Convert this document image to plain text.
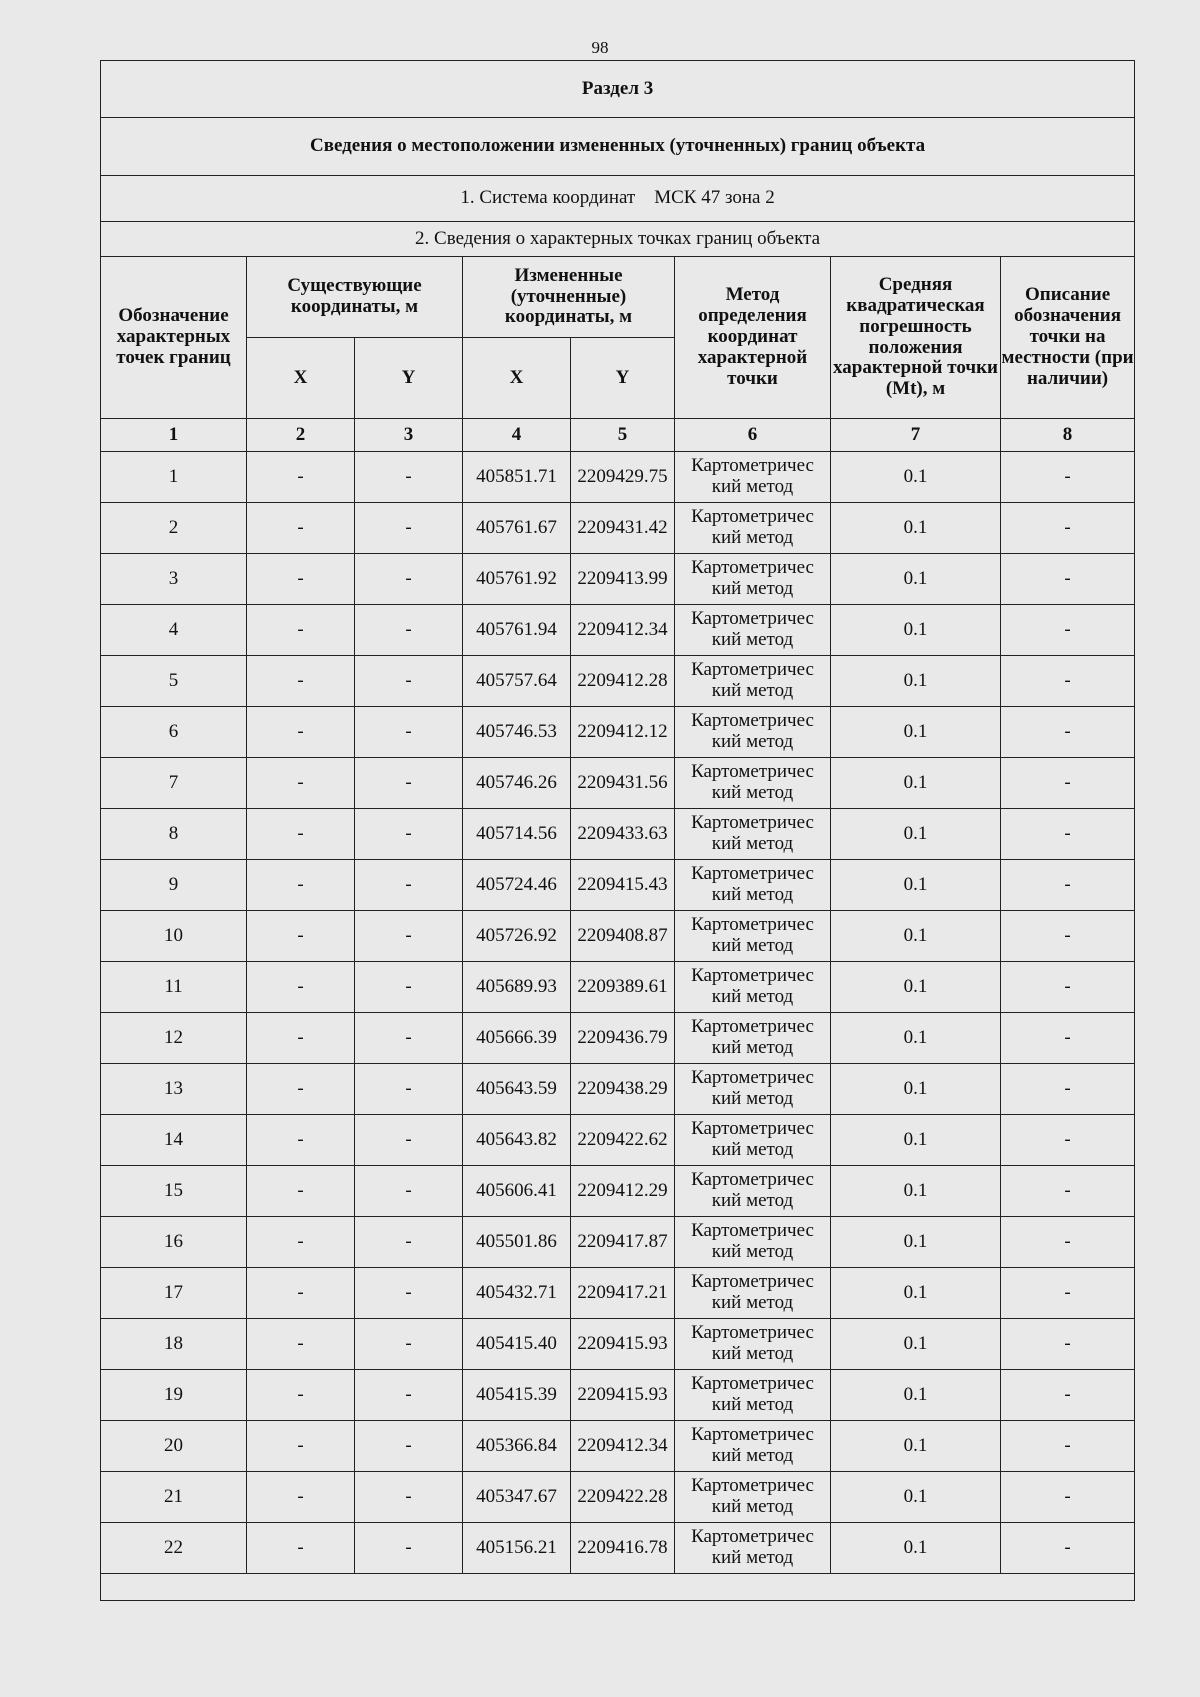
98
Раздел 3							
Сведения о местоположении измененных (уточненных) границ объекта							
1. Система координат МСК 47 зона 2							
2. Сведения о характерных точках границ объекта							
Обозначение характерных точек границ	Существующие координаты, м		Измененные (уточненные) координаты, м		Метод определения координат характерной точки	Средняя квадратическая погрешность положения характерной точки (Mt), м	Описание обозначения точки на местности (при наличии)
	X	Y	X	Y			
1	2	3	4	5	6	7	8
1	-	-	405851.71	2209429.75	Картометричес кий метод	0.1	-
2	-	-	405761.67	2209431.42	Картометричес кий метод	0.1	-
3	-	-	405761.92	2209413.99	Картометричес кий метод	0.1	-
4	-	-	405761.94	2209412.34	Картометричес кий метод	0.1	-
5	-	-	405757.64	2209412.28	Картометричес кий метод	0.1	-
6	-	-	405746.53	2209412.12	Картометричес кий метод	0.1	-
7	-	-	405746.26	2209431.56	Картометричес кий метод	0.1	-
8	-	-	405714.56	2209433.63	Картометричес кий метод	0.1	-
9	-	-	405724.46	2209415.43	Картометричес кий метод	0.1	-
10	-	-	405726.92	2209408.87	Картометричес кий метод	0.1	-
11	-	-	405689.93	2209389.61	Картометричес кий метод	0.1	-
12	-	-	405666.39	2209436.79	Картометричес кий метод	0.1	-
13	-	-	405643.59	2209438.29	Картометричес кий метод	0.1	-
14	-	-	405643.82	2209422.62	Картометричес кий метод	0.1	-
15	-	-	405606.41	2209412.29	Картометричес кий метод	0.1	-
16	-	-	405501.86	2209417.87	Картометричес кий метод	0.1	-
17	-	-	405432.71	2209417.21	Картометричес кий метод	0.1	-
18	-	-	405415.40	2209415.93	Картометричес кий метод	0.1	-
19	-	-	405415.39	2209415.93	Картометричес кий метод	0.1	-
20	-	-	405366.84	2209412.34	Картометричес кий метод	0.1	-
21	-	-	405347.67	2209422.28	Картометричес кий метод	0.1	-
22	-	-	405156.21	2209416.78	Картометричес кий метод	0.1	-
